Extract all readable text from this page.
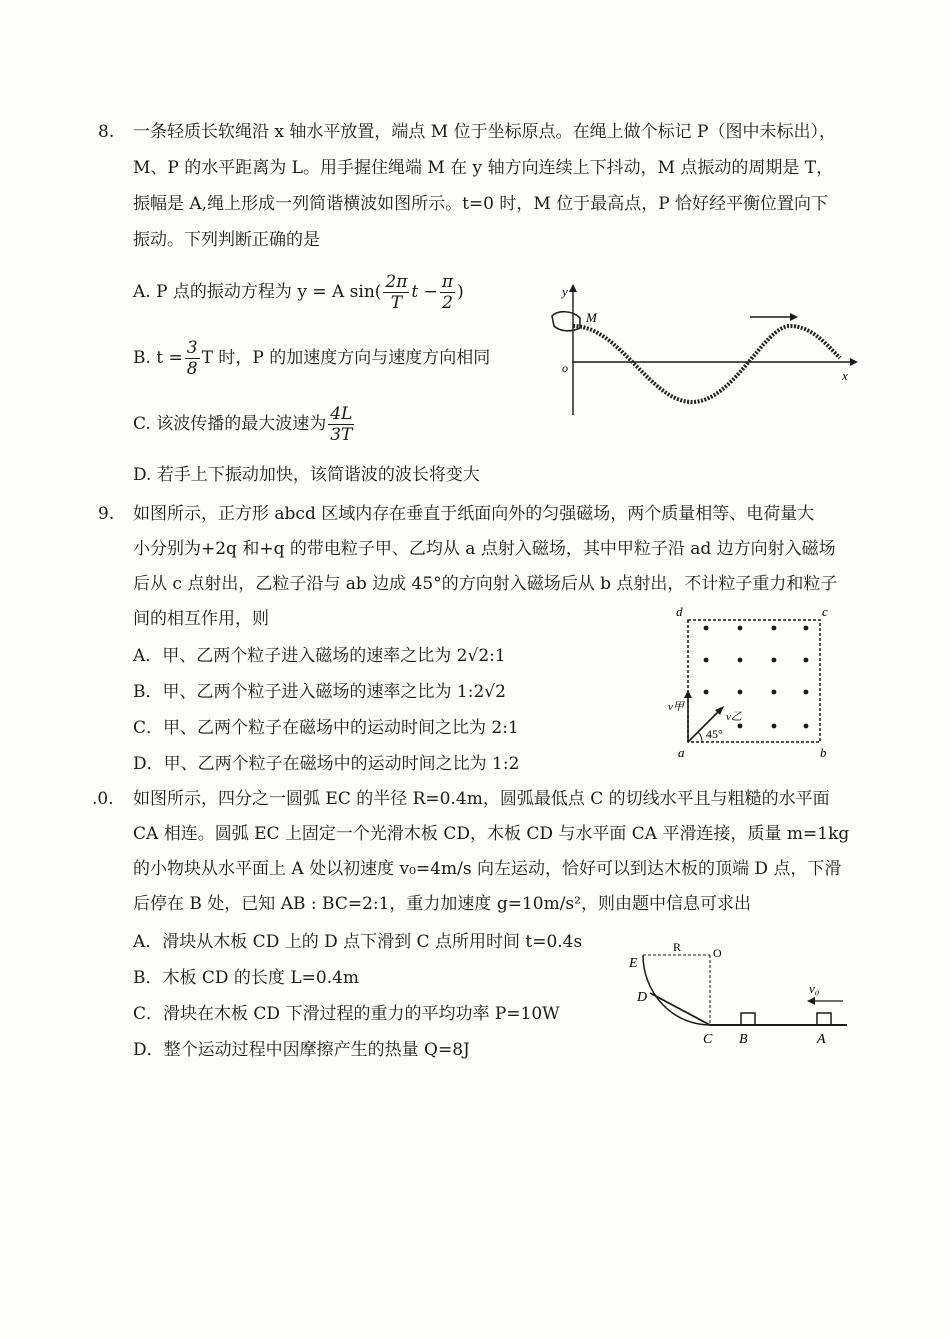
8. 一条轻质长软绳沿 x 轴水平放置，端点 M 位于坐标原点。在绳上做个标记 P（图中未标出），
M、P 的水平距离为 L。用手握住绳端 M 在 y 轴方向连续上下抖动，M 点振动的周期是 T，
振幅是 A,绳上形成一列简谐横波如图所示。t=0 时，M 位于最高点，P 恰好经平衡位置向下
振动。下列判断正确的是
A. P 点的振动方程为 y = A $\sin( \frac{2\pi}{T}$ $t - \frac{\pi}{2}$ )
B. $t = \frac{3}{8}$ T 时，P 的加速度方向与速度方向相同
C. 该波传播的最大波速为 $\frac{4L}{3T}$
D. 若手上下振动加快，该简谐波的波长将变大
y
x
o
M
9. 如图所示，正方形 abcd 区域内存在垂直于纸面向外的匀强磁场，两个质量相等、电荷量大
小分别为+2q 和+q 的带电粒子甲、乙均从 a 点射入磁场，其中甲粒子沿 ad 边方向射入磁场
后从 c 点射出，乙粒子沿与 ab 边成 45°的方向射入磁场后从 b 点射出，不计粒子重力和粒子
间的相互作用，则
A．甲、乙两个粒子进入磁场的速率之比为 2√2:1
B．甲、乙两个粒子进入磁场的速率之比为 1:2√2
C．甲、乙两个粒子在磁场中的运动时间之比为 2:1
D．甲、乙两个粒子在磁场中的运动时间之比为 1:2
d	c
a	b
v甲
v乙
45°
.0. 如图所示，四分之一圆弧 EC 的半径 R=0.4m，圆弧最低点 C 的切线水平且与粗糙的水平面
CA 相连。圆弧 EC 上固定一个光滑木板 CD，木板 CD 与水平面 CA 平滑连接，质量 m=1kg
的小物块从水平面上 A 处以初速度 v₀=4m/s 向左运动，恰好可以到达木板的顶端 D 点，下滑
后停在 B 处，已知 AB : BC=2:1，重力加速度 g=10m/s²，则由题中信息可求出
A．滑块从木板 CD 上的 D 点下滑到 C 点所用时间 t=0.4s
B．木板 CD 的长度 L=0.4m
C．滑块在木板 CD 下滑过程的重力的平均功率 P=10W
D．整个运动过程中因摩擦产生的热量 Q=8J
R	O
E
D
C B	A
v₀
